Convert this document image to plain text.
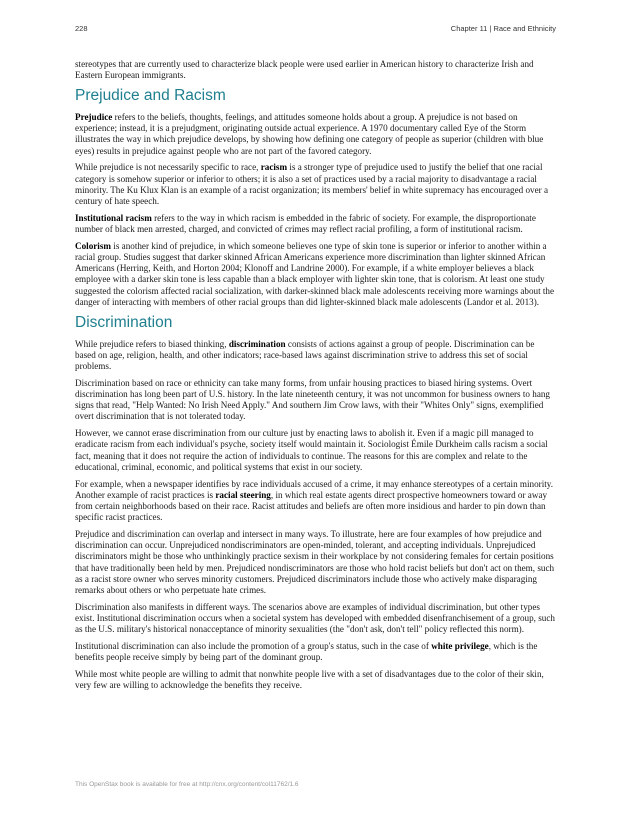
228	Chapter 11 | Race and Ethnicity

stereotypes that are currently used to characterize black people were used earlier in American history to characterize Irish and Eastern European immigrants.

Prejudice and Racism

Prejudice refers to the beliefs, thoughts, feelings, and attitudes someone holds about a group. A prejudice is not based on experience; instead, it is a prejudgment, originating outside actual experience. A 1970 documentary called Eye of the Storm illustrates the way in which prejudice develops, by showing how defining one category of people as superior (children with blue eyes) results in prejudice against people who are not part of the favored category.

While prejudice is not necessarily specific to race, racism is a stronger type of prejudice used to justify the belief that one racial category is somehow superior or inferior to others; it is also a set of practices used by a racial majority to disadvantage a racial minority. The Ku Klux Klan is an example of a racist organization; its members' belief in white supremacy has encouraged over a century of hate speech.

Institutional racism refers to the way in which racism is embedded in the fabric of society. For example, the disproportionate number of black men arrested, charged, and convicted of crimes may reflect racial profiling, a form of institutional racism.

Colorism is another kind of prejudice, in which someone believes one type of skin tone is superior or inferior to another within a racial group. Studies suggest that darker skinned African Americans experience more discrimination than lighter skinned African Americans (Herring, Keith, and Horton 2004; Klonoff and Landrine 2000). For example, if a white employer believes a black employee with a darker skin tone is less capable than a black employer with lighter skin tone, that is colorism. At least one study suggested the colorism affected racial socialization, with darker-skinned black male adolescents receiving more warnings about the danger of interacting with members of other racial groups than did lighter-skinned black male adolescents (Landor et al. 2013).

Discrimination

While prejudice refers to biased thinking, discrimination consists of actions against a group of people. Discrimination can be based on age, religion, health, and other indicators; race-based laws against discrimination strive to address this set of social problems.

Discrimination based on race or ethnicity can take many forms, from unfair housing practices to biased hiring systems. Overt discrimination has long been part of U.S. history. In the late nineteenth century, it was not uncommon for business owners to hang signs that read, "Help Wanted: No Irish Need Apply." And southern Jim Crow laws, with their "Whites Only" signs, exemplified overt discrimination that is not tolerated today.

However, we cannot erase discrimination from our culture just by enacting laws to abolish it. Even if a magic pill managed to eradicate racism from each individual's psyche, society itself would maintain it. Sociologist Émile Durkheim calls racism a social fact, meaning that it does not require the action of individuals to continue. The reasons for this are complex and relate to the educational, criminal, economic, and political systems that exist in our society.

For example, when a newspaper identifies by race individuals accused of a crime, it may enhance stereotypes of a certain minority. Another example of racist practices is racial steering, in which real estate agents direct prospective homeowners toward or away from certain neighborhoods based on their race. Racist attitudes and beliefs are often more insidious and harder to pin down than specific racist practices.

Prejudice and discrimination can overlap and intersect in many ways. To illustrate, here are four examples of how prejudice and discrimination can occur. Unprejudiced nondiscriminators are open-minded, tolerant, and accepting individuals. Unprejudiced discriminators might be those who unthinkingly practice sexism in their workplace by not considering females for certain positions that have traditionally been held by men. Prejudiced nondiscriminators are those who hold racist beliefs but don't act on them, such as a racist store owner who serves minority customers. Prejudiced discriminators include those who actively make disparaging remarks about others or who perpetuate hate crimes.

Discrimination also manifests in different ways. The scenarios above are examples of individual discrimination, but other types exist. Institutional discrimination occurs when a societal system has developed with embedded disenfranchisement of a group, such as the U.S. military's historical nonacceptance of minority sexualities (the "don't ask, don't tell" policy reflected this norm).

Institutional discrimination can also include the promotion of a group's status, such in the case of white privilege, which is the benefits people receive simply by being part of the dominant group.

While most white people are willing to admit that nonwhite people live with a set of disadvantages due to the color of their skin, very few are willing to acknowledge the benefits they receive.

This OpenStax book is available for free at http://cnx.org/content/col11762/1.6
